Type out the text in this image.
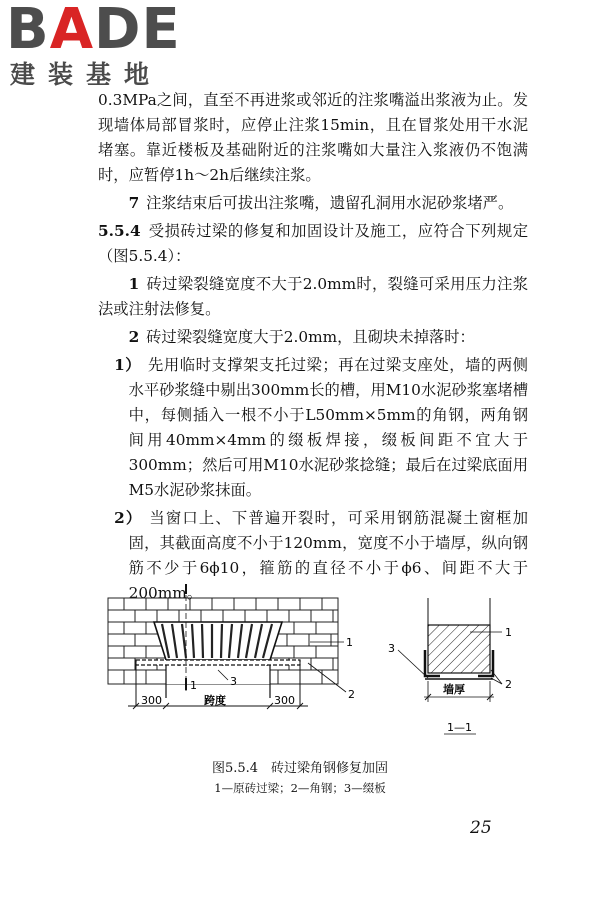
BADE
建装基地

0.3MPa之间，直至不再进浆或邻近的注浆嘴溢出浆液为止。发现墙体局部冒浆时，应停止注浆15min，且在冒浆处用干水泥堵塞。靠近楼板及基础附近的注浆嘴如大量注入浆液仍不饱满时，应暂停1h～2h后继续注浆。

7 注浆结束后可拔出注浆嘴，遗留孔洞用水泥砂浆堵严。

5.5.4 受损砖过梁的修复和加固设计及施工，应符合下列规定（图5.5.4）：

1 砖过梁裂缝宽度不大于2.0mm时，裂缝可采用压力注浆法或注射法修复。

2 砖过梁裂缝宽度大于2.0mm，且砌块未掉落时：

1） 先用临时支撑架支托过梁；再在过梁支座处，墙的两侧水平砂浆缝中剔出300mm长的槽，用M10水泥砂浆塞堵槽中，每侧插入一根不小于L50mm×5mm的角钢，两角钢间用40mm×4mm的缀板焊接，缀板间距不宜大于300mm；然后可用M10水泥砂浆捻缝；最后在过梁底面用M5水泥砂浆抹面。

2） 当窗口上、下普遍开裂时，可采用钢筋混凝土窗框加固，其截面高度不小于120mm，宽度不小于墙厚，纵向钢筋不少于6ϕ10，箍筋的直径不小于ϕ6、间距不大于200mm。

1
1
2
3
300	跨度	300
1
2
3
墙厚
1—1
图5.5.4　砖过梁角钢修复加固
1—原砖过梁；2—角钢；3—缀板
25
